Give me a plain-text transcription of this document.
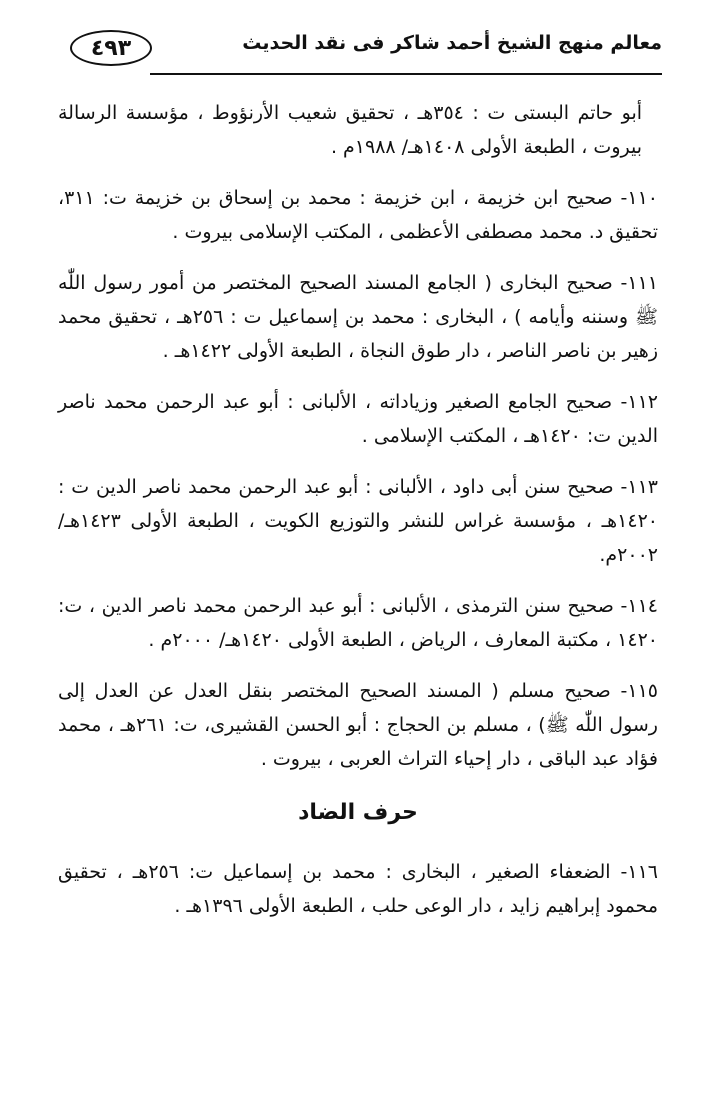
٤٩٣	معالم منهج الشيخ أحمد شاكر فى نقد الحديث

أبو حاتم البستى ت : ٣٥٤هـ ، تحقيق شعيب الأرنؤوط ، مؤسسة الرسالة بيروت ، الطبعة الأولى ١٤٠٨هـ/ ١٩٨٨م .

١١٠- صحيح ابن خزيمة ، ابن خزيمة : محمد بن إسحاق بن خزيمة ت: ٣١١، تحقيق د. محمد مصطفى الأعظمى ، المكتب الإسلامى بيروت .

١١١- صحيح البخارى ( الجامع المسند الصحيح المختصر من أمور رسول اللّٰه ﷺ وسننه وأيامه ) ، البخارى : محمد بن إسماعيل ت : ٢٥٦هـ ، تحقيق محمد زهير بن ناصر الناصر ، دار طوق النجاة ، الطبعة الأولى ١٤٢٢هـ .

١١٢- صحيح الجامع الصغير وزياداته ، الألبانى : أبو عبد الرحمن محمد ناصر الدين ت: ١٤٢٠هـ ، المكتب الإسلامى .

١١٣- صحيح سنن أبى داود ، الألبانى : أبو عبد الرحمن محمد ناصر الدين ت : ١٤٢٠هـ ، مؤسسة غراس للنشر والتوزيع الكويت ، الطبعة الأولى ١٤٢٣هـ/ ٢٠٠٢م.

١١٤- صحيح سنن الترمذى ، الألبانى : أبو عبد الرحمن محمد ناصر الدين ، ت: ١٤٢٠ ، مكتبة المعارف ، الرياض ، الطبعة الأولى ١٤٢٠هـ/ ٢٠٠٠م .

١١٥- صحيح مسلم ( المسند الصحيح المختصر بنقل العدل عن العدل إلى رسول اللّٰه ﷺ) ، مسلم بن الحجاج : أبو الحسن القشيرى، ت: ٢٦١هـ ، محمد فؤاد عبد الباقى ، دار إحياء التراث العربى ، بيروت .

حرف الضاد

١١٦- الضعفاء الصغير ، البخارى : محمد بن إسماعيل ت: ٢٥٦هـ ، تحقيق محمود إبراهيم زايد ، دار الوعى حلب ، الطبعة الأولى ١٣٩٦هـ .
